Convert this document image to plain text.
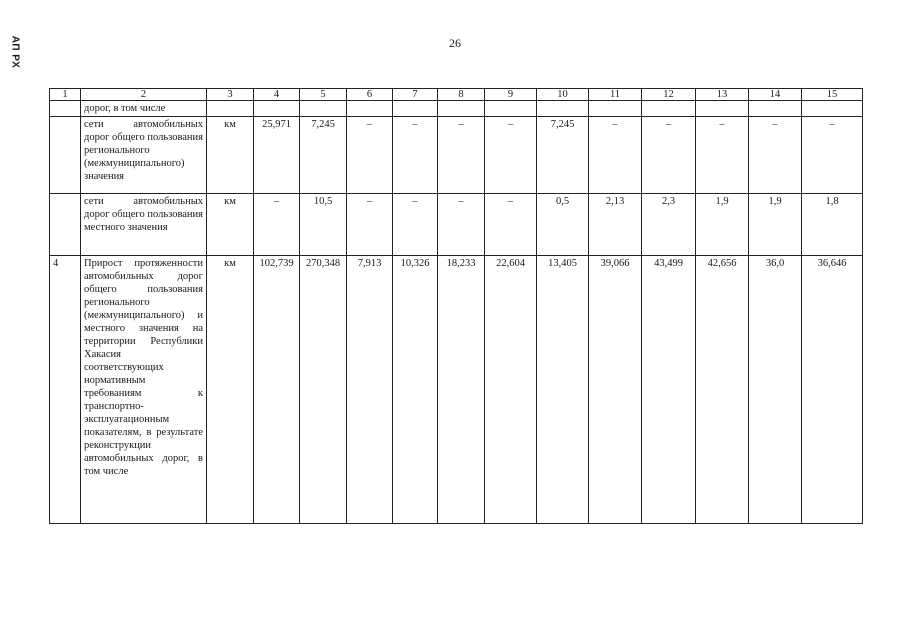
АП РХ	26
1	2	3	4	5	6	7	8	9	10	11	12	13	14	15
	дорог, в том числе													
	сети автомобильных дорог общего пользования регионального (межмуниципального) значения	км	25,971	7,245	–	–	–	–	7,245	–	–	–	–	–
	сети автомобильных дорог общего пользования местного значения	км	–	10,5	–	–	–	–	0,5	2,13	2,3	1,9	1,9	1,8
4	Прирост протяженности автомобильных дорог общего пользования регионального (межмуниципального) и местного значения на территории Республики Хакасия соответствующих нормативным требованиям к транспортно-эксплуатационным показателям, в результате реконструкции автомобильных дорог, в том числе	км	102,739	270,348	7,913	10,326	18,233	22,604	13,405	39,066	43,499	42,656	36,0	36,646
